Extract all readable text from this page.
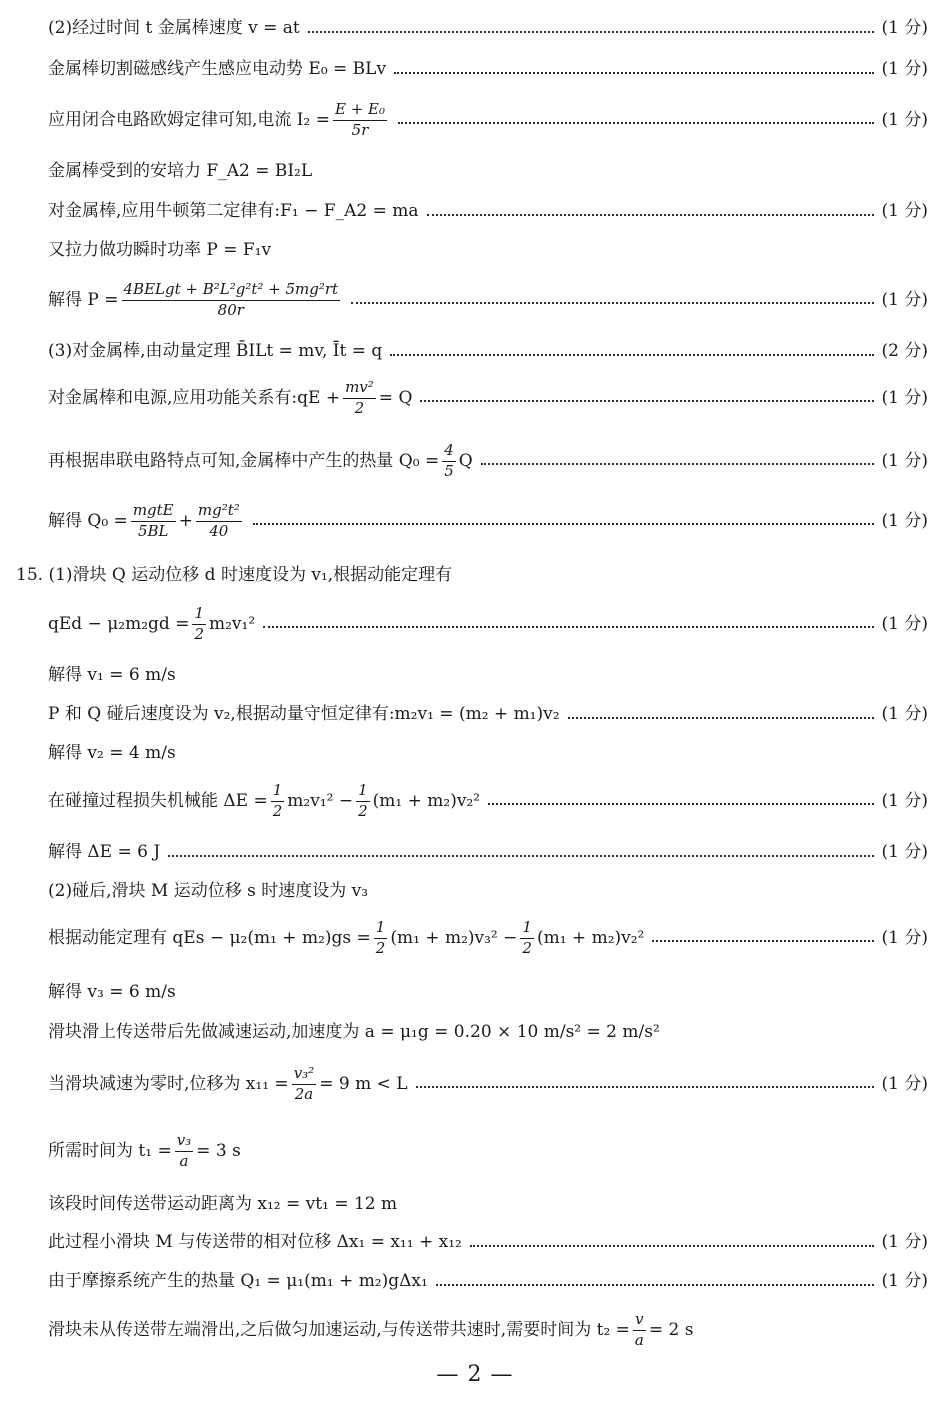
(2)经过时间 t 金属棒速度 v = at	(1 分)
金属棒切割磁感线产生感应电动势 E₀ = BLv	(1 分)
应用闭合电路欧姆定律可知,电流 $I_2 = \frac{\text{E + E₀}}{5r}$	(1 分)
金属棒受到的安培力 F_A2 = BI₂L
对金属棒,应用牛顿第二定律有:F₁ − F_A2 = ma	(1 分)
又拉力做功瞬时功率 P = F₁v
解得 $P = \frac{\text{4BELgt + B²L²g²t² + 5mg²rt}}{80r}$	(1 分)
(3)对金属棒,由动量定理 B̄ILt = mv, Īt = q	(2 分)
对金属棒和电源,应用功能关系有:qE + $\frac{\text{mv²}}{2} = Q$	(1 分)
再根据串联电路特点可知,金属棒中产生的热量 $Q_0 = \frac{4}{5}$ Q	(1 分)
解得 $Q_0 = \frac{\text{mgtE}}{5BL} + \frac{\text{mg²t²}}{40}$	(1 分)
15. (1)滑块 Q 运动位移 d 时速度设为 v₁,根据动能定理有
qEd − $\mu_2m_2gd = \frac{1}{2} m_2v_1^2$	(1 分)
解得 v₁ = 6 m/s
P 和 Q 碰后速度设为 v₂,根据动量守恒定律有:m₂v₁ = (m₂ + m₁)v₂	(1 分)
解得 v₂ = 4 m/s
在碰撞过程损失机械能 $\Delta E = \frac{1}{2} m_2v_1^2 - \frac{1}{2} (m_1 + m_2)v_2^2$	(1 分)
解得 ΔE = 6 J	(1 分)
(2)碰后,滑块 M 运动位移 s 时速度设为 v₃
根据动能定理有 qEs − $\mu_2(m_1 + m_2)gs = \frac{1}{2} (m_1 + m_2)v_3^2 - \frac{1}{2} (m_1 + m_2)v_2^2$	(1 分)
解得 v₃ = 6 m/s
滑块滑上传送带后先做减速运动,加速度为 a = μ₁g = 0.20 × 10 m/s² = 2 m/s²
当滑块减速为零时,位移为 $x_{11} = \frac{\text{v₃²}}{2a} = 9$ m < L	(1 分)
所需时间为 $t_1 = \frac{\text{v₃}}{a} = 3$ s
该段时间传送带运动距离为 x₁₂ = vt₁ = 12 m
此过程小滑块 M 与传送带的相对位移 Δx₁ = x₁₁ + x₁₂	(1 分)
由于摩擦系统产生的热量 Q₁ = μ₁(m₁ + m₂)gΔx₁	(1 分)
滑块未从传送带左端滑出,之后做匀加速运动,与传送带共速时,需要时间为 $t_2 = \frac{v}{a} = 2$ s
— 2 —
